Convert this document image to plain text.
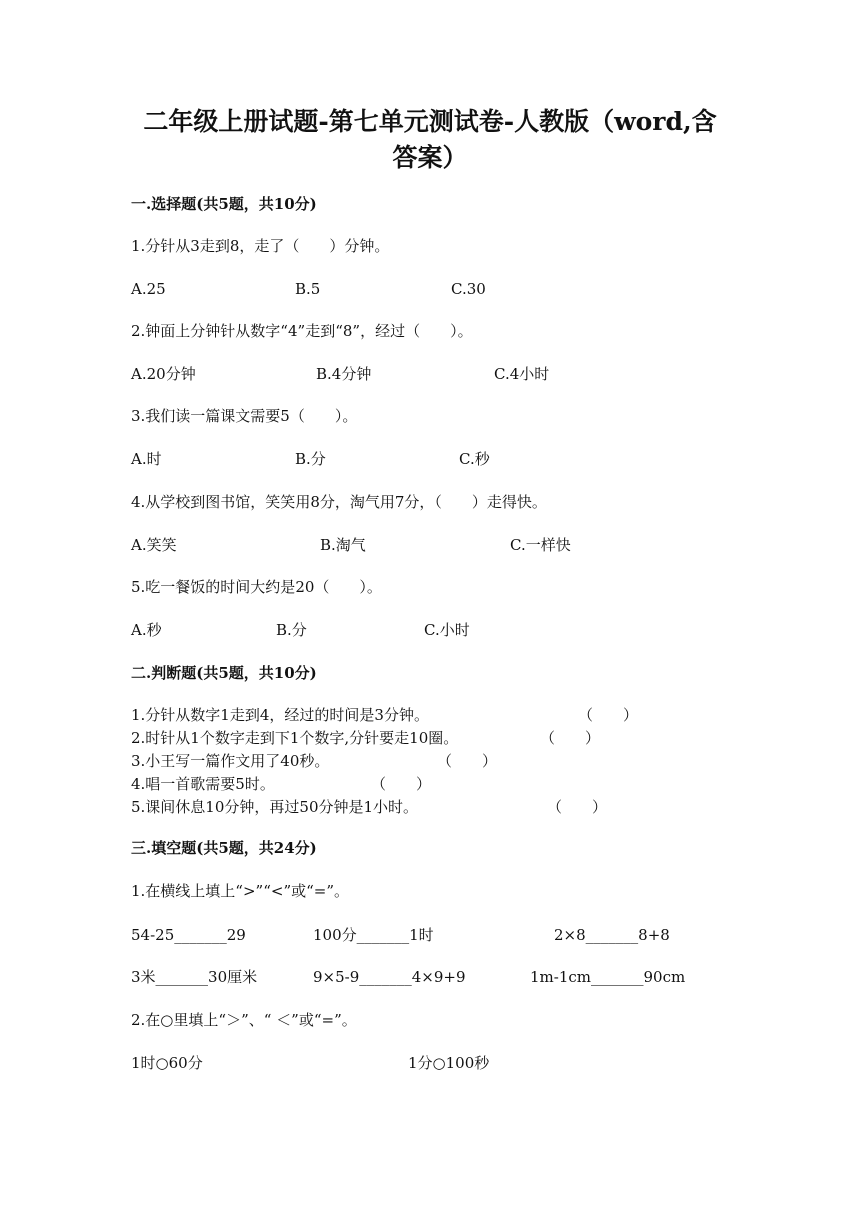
二年级上册试题-第七单元测试卷-人教版（word,含
答案）
一.选择题(共5题，共10分)
1.分针从3走到8，走了（　　）分钟。
A.25	B.5	C.30
2.钟面上分钟针从数字“4”走到“8”，经过（　　）。
A.20分钟	B.4分钟	C.4小时
3.我们读一篇课文需要5（　　）。
A.时	B.分	C.秒
4.从学校到图书馆，笑笑用8分，淘气用7分，（　　）走得快。
A.笑笑	B.淘气	C.一样快
5.吃一餐饭的时间大约是20（　　）。
A.秒	B.分	C.小时
二.判断题(共5题，共10分)
1.分针从数字1走到4，经过的时间是3分钟。	（　　）
2.时针从1个数字走到下1个数字,分针要走10圈。	（　　）
3.小王写一篇作文用了40秒。	（　　）
4.唱一首歌需要5时。	（　　）
5.课间休息10分钟，再过50分钟是1小时。	（　　）
三.填空题(共5题，共24分)
1.在横线上填上“>”“<”或“=”。
54-25_______29	100分_______1时	2×8_______8+8
3米_______30厘米	9×5-9_______4×9+9	1m-1cm_______90cm
2.在○里填上“＞”、“ ＜”或“=”。
1时○60分	1分○100秒
